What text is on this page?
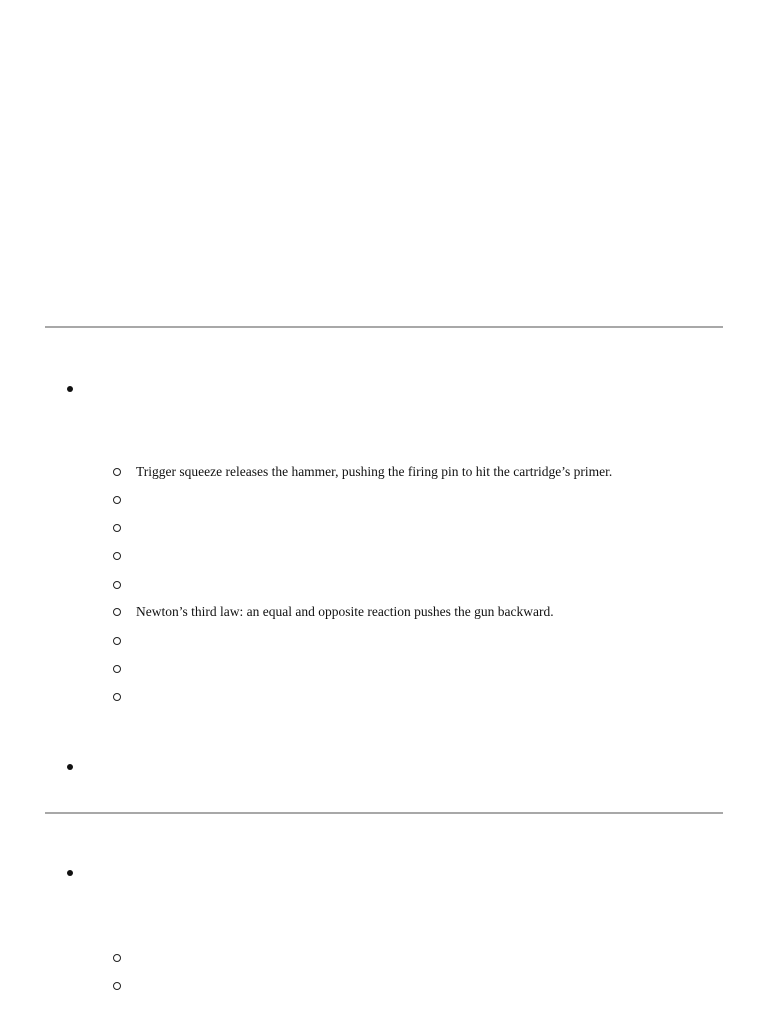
Trigger squeeze releases the hammer, pushing the firing pin to hit the cartridge’s primer.
Newton’s third law: an equal and opposite reaction pushes the gun backward.
